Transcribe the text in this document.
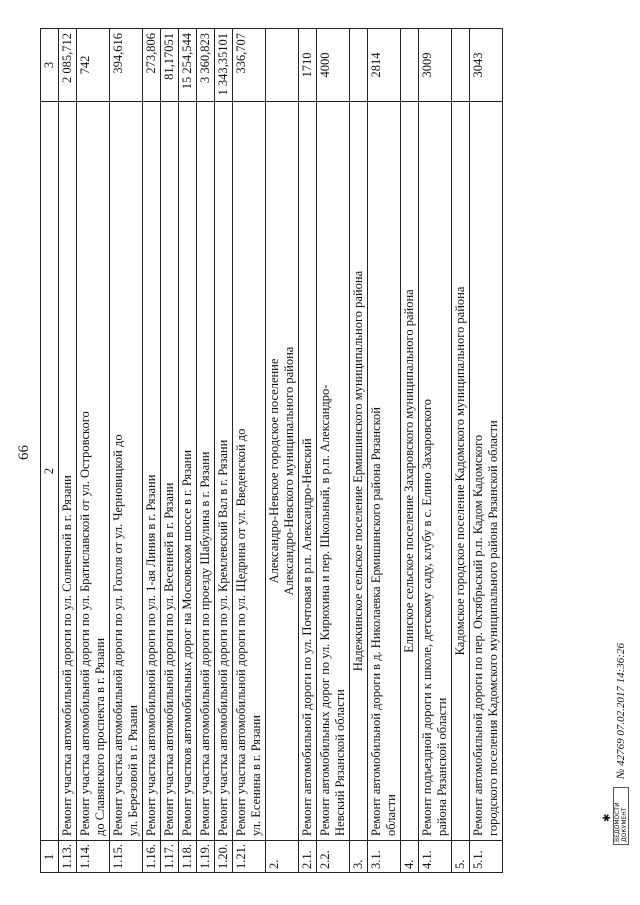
66
1	2	3
1.13.	Ремонт участка автомобильной дороги по ул. Солнечной в г. Рязани	2 085,712
1.14.	Ремонт участка автомобильной дороги по ул. Братиславской от ул. Островского до Славянского проспекта в г. Рязани	742
1.15.	Ремонт участка автомобильной дороги по ул. Гоголя от ул. Черновицкой до ул. Березовой в г. Рязани	394,616
1.16.	Ремонт участка автомобильной дороги по ул. 1-ая Линия в г. Рязани	273,806
1.17.	Ремонт участка автомобильной дороги по ул. Весенней в г. Рязани	81,17051
1.18.	Ремонт участков автомобильных дорог на Московском шоссе в г. Рязани	15 254,544
1.19.	Ремонт участка автомобильной дороги по проезду Шабулина в г. Рязани	3 360,823
1.20.	Ремонт участка автомобильной дороги по ул. Кремлевский Вал в г. Рязани	1 343,35101
1.21.	Ремонт участка автомобильной дороги по ул. Щедрина от ул. Введенской до ул. Есенина в г. Рязани	336,707
2.	Александро-Невское городское поселение Александро-Невского муниципального района	

2.1.	Ремонт автомобильной дороги по ул. Почтовая в р.п. Александро-Невский	1710
2.2.	Ремонт автомобильных дорог по ул. Кирюхина и пер. Школьный, в р.п. Александро- Невский Рязанской области	4000
3.	Надежкинское сельское поселение Ермишинского муниципального района	

3.1.	Ремонт автомобильной дороги в д. Николаевка Ермишинского района Рязанской области	2814
4.	Елинское сельское поселение Захаровского муниципального района	

4.1.	Ремонт подъездной дороги к школе, детскому саду, клубу в с. Елино Захаровского района Рязанской области	3009
5.	Кадомское городское поселение Кадомского муниципального района	

5.1.	Ремонт автомобильной дороги по пер. Октябрьский р.п. Кадом Кадомского городского поселения Кадомского муниципального района Рязанской области	3043
✱ ВЕДОМОСТИ ДОКУМЕНТ
№ 42769 07.02.2017 14:36:26
